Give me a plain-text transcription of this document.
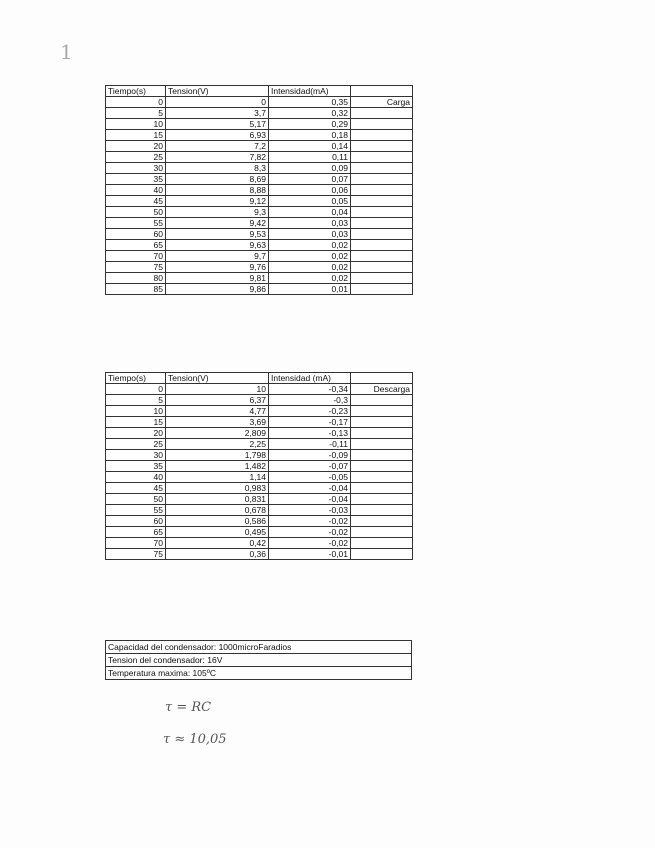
1
Tiempo(s)	Tension(V)	Intensidad(mA)	
0	0	0,35	Carga
5	3,7	0,32	
10	5,17	0,29	
15	6,93	0,18	
20	7,2	0,14	
25	7,82	0,11	
30	8,3	0,09	
35	8,69	0,07	
40	8,88	0,06	
45	9,12	0,05	
50	9,3	0,04	
55	9,42	0,03	
60	9,53	0,03	
65	9,63	0,02	
70	9,7	0,02	
75	9,76	0,02	
80	9,81	0,02	
85	9,86	0,01	
Tiempo(s)	Tension(V)	Intensidad (mA)	
0	10	-0,34	Descarga
5	6,37	-0,3	
10	4,77	-0,23	
15	3,69	-0,17	
20	2,809	-0,13	
25	2,25	-0,11	
30	1,798	-0,09	
35	1,482	-0,07	
40	1,14	-0,05	
45	0,983	-0,04	
50	0,831	-0,04	
55	0,678	-0,03	
60	0,586	-0,02	
65	0,495	-0,02	
70	0,42	-0,02	
75	0,36	-0,01	
Capacidad del condensador: 1000microFaradios
Tension del condensador: 16V
Temperatura maxima: 105ºC
τ = RC
τ ≈ 10,05
